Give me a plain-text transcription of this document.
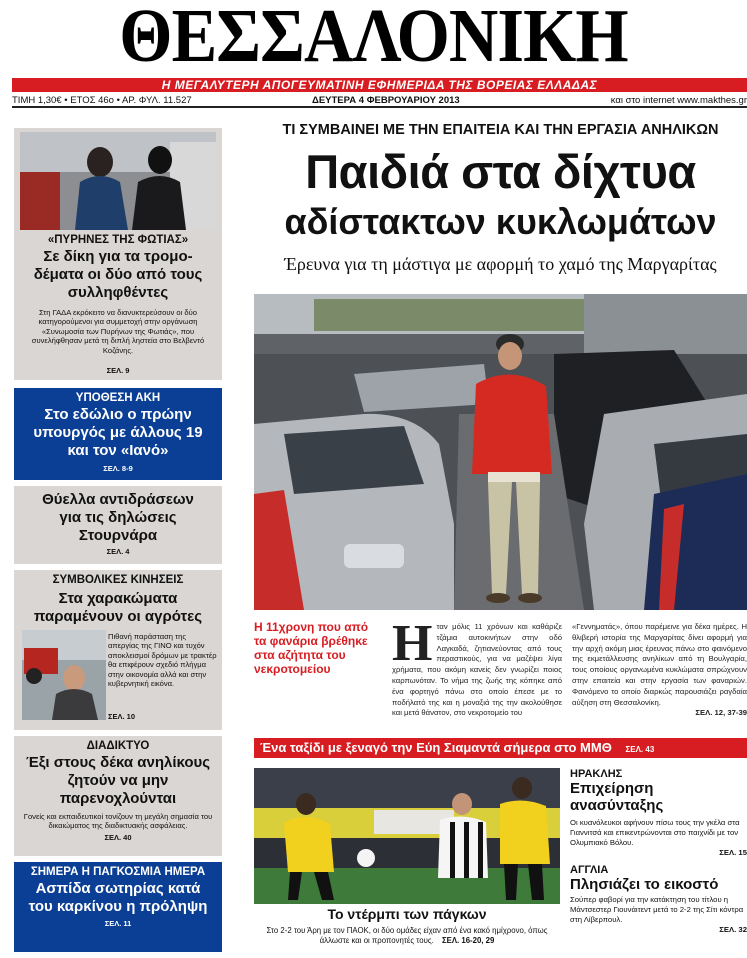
ΘΕΣΣΑΛΟΝΙΚΗ
Η ΜΕΓΑΛΥΤΕΡΗ ΑΠΟΓΕΥΜΑΤΙΝΗ ΕΦΗΜΕΡΙΔΑ ΤΗΣ ΒΟΡΕΙΑΣ ΕΛΛΑΔΑΣ
ΤΙΜΗ 1,30€ • ΕΤΟΣ 46ο • ΑΡ. ΦΥΛ. 11.527	ΔΕΥΤΕΡΑ 4 ΦΕΒΡΟΥΑΡΙΟΥ 2013	και στο internet www.makthes.gr
«ΠΥΡΗΝΕΣ ΤΗΣ ΦΩΤΙΑΣ»
Σε δίκη για τα τρομο-δέματα οι δύο από τους συλληφθέντες
Στη ΓΑΔΑ εκρόκειτο να διανυκτερεύσουν οι δύο κατηγορούμενοι για συμμετοχή στην οργάνωση «Συνωμοσία των Πυρήνων της Φωτιάς», που συνελήφθησαν μετά τη διπλή ληστεία στο Βελβεντό Κοζάνης.
ΣΕΛ. 9
ΥΠΟΘΕΣΗ ΑΚΗ
Στο εδώλιο ο πρώην υπουργός με άλλους 19 και τον «Ιανό»
ΣΕΛ. 8-9
Θύελλα αντιδράσεων για τις δηλώσεις Στουρνάρα
ΣΕΛ. 4
ΣΥΜΒΟΛΙΚΕΣ ΚΙΝΗΣΕΙΣ
Στα χαρακώματα παραμένουν οι αγρότες
Πιθανή παράσταση της απεργίας της ΓΙΝΟ και τυχόν αποκλεισμοί δρόμων με τρακτέρ θα επιφέρουν σχεδιό πλήγμα στην οικονομία αλλά και στην κυβερνητική εικόνα.
ΣΕΛ. 10
ΔΙΑΔΙΚΤΥΟ
Έξι στους δέκα ανηλίκους ζητούν να μην παρενοχλούνται
Γονείς και εκπαιδευτικοί τονίζουν τη μεγάλη σημασία του δικαιώματος της διαδικτυακής ασφάλειας.
ΣΕΛ. 40
ΣΗΜΕΡΑ Η ΠΑΓΚΟΣΜΙΑ ΗΜΕΡΑ
Ασπίδα σωτηρίας κατά του καρκίνου η πρόληψη
ΣΕΛ. 11
ΤΙ ΣΥΜΒΑΙΝΕΙ ΜΕ ΤΗΝ ΕΠΑΙΤΕΙΑ ΚΑΙ ΤΗΝ ΕΡΓΑΣΙΑ ΑΝΗΛΙΚΩΝ
Παιδιά στα δίχτυα
αδίστακτων κυκλωμάτων
Έρευνα για τη μάστιγα με αφορμή το χαμό της Μαργαρίτας
Η 11χρονη που από τα φανάρια βρέθηκε στα αζήτητα του νεκροτομείου	Η ταν μόλις 11 χρόνων και καθάριζε τζάμια αυτοκινήτων στην οδό Λαγκαδά, ζητιανεύοντας από τους περαστικούς, για να μαζέψει λίγα χρήματα, που ακόμη κανείς δεν γνωρίζει ποιος καρπωνόταν. Το νήμα της ζωής της κόπηκε από ένα φορτηγό πάνω στο οποίο έπεσε με το ποδήλατό της και η μοναξιά της την ακολούθησε και μετά θάνατον, στο νεκροτομείο του
«Γεννηματάς», όπου παρέμεινε για δέκα ημέρες. Η θλιβερή ιστορία της Μαργαρίτας δίνει αφορμή για την αρχή ακόμη μιας έρευνας πάνω στο φαινόμενο της εκμετάλλευσης ανηλίκων από τη Βουλγαρία, τους οποίους οργανωμένα κυκλώματα σπρώχνουν στην επαιτεία και στην εργασία των φαναριών. Φαινόμενο το οποίο διαρκώς παρουσιάζει ραγδαία αύξηση στη Θεσσαλονίκη.
ΣΕΛ. 12, 37-39
Ένα ταξίδι με ξεναγό την Εύη Σιαμαντά σήμερα στο ΜΜΘ ΣΕΛ. 43
Το ντέρμπι των πάγκων
Στο 2-2 του Άρη με τον ΠΑΟΚ, οι δύο ομάδες είχαν από ένα κακό ημίχρονο, όπως άλλωστε και οι προπονητές τους. ΣΕΛ. 16-20, 29
ΗΡΑΚΛΗΣ
Επιχείρηση ανασύνταξης
Οι κυανόλευκοι αφήνουν πίσω τους την γκέλα στα Γιαννιτσά και επικεντρώνονται στο παιχνίδι με τον Ολυμπιακό Βόλου.
ΣΕΛ. 15
ΑΓΓΛΙΑ
Πλησιάζει το εικοστό
Σούπερ φαβορί για την κατάκτηση του τίτλου η Μάντσεστερ Γιουνάιτεντ μετά το 2-2 της Σίτι κόντρα στη Λίβερπουλ.
ΣΕΛ. 32
